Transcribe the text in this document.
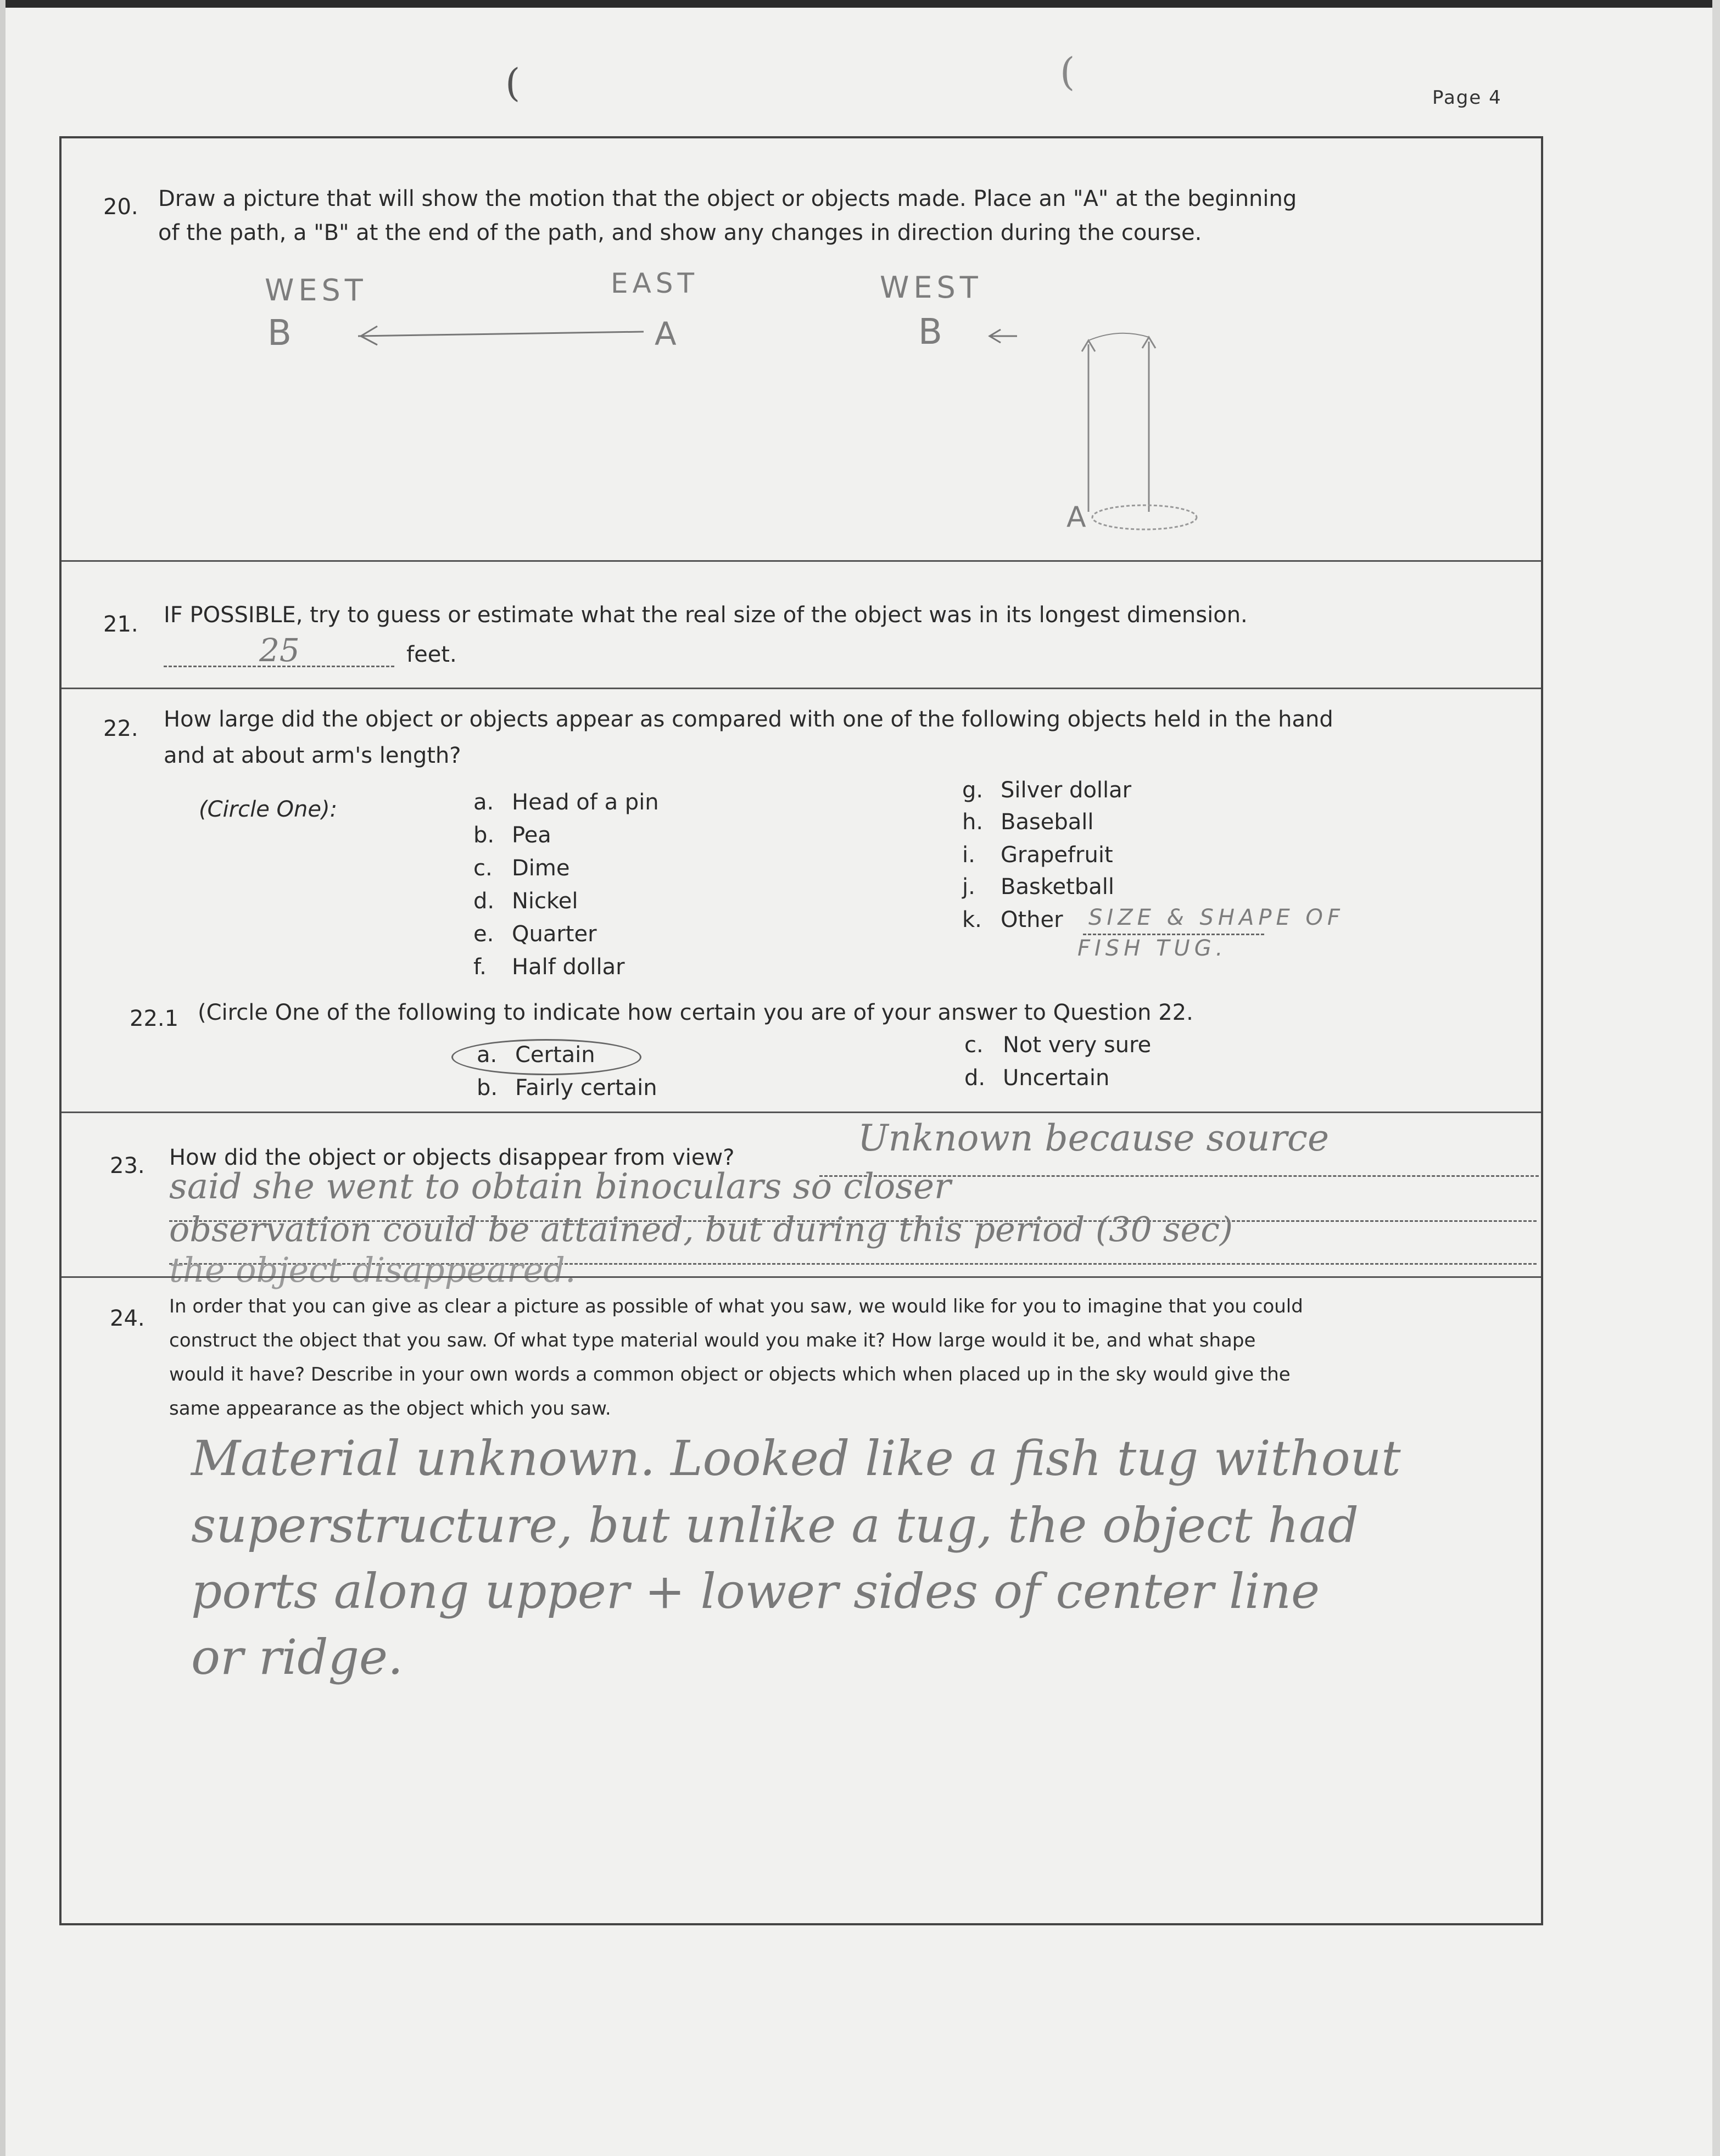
(	(
Page 4
20. Draw a picture that will show the motion that the object or objects made. Place an "A" at the beginning
of the path, a "B" at the end of the path, and show any changes in direction during the course.
WEST	EAST	WEST
B	A	B
A
21. IF POSSIBLE, try to guess or estimate what the real size of the object was in its longest dimension.
25	feet.
22. How large did the object or objects appear as compared with one of the following objects held in the hand
and at about arm's length?
(Circle One):	a. Head of a pin
b. Pea
c. Dime
d. Nickel
e. Quarter
f. Half dollar
g. Silver dollar
h. Baseball
i. Grapefruit
j. Basketball
k. Other SIZE & SHAPE OF
FISH TUG.
22.1 (Circle One of the following to indicate how certain you are of your answer to Question 22.
a. Certain
b. Fairly certain
c. Not very sure
d. Uncertain
23. How did the object or objects disappear from view?	Unknown because source
said she went to obtain binoculars so closer
observation could be attained, but during this period (30 sec)
the object disappeared.
24. In order that you can give as clear a picture as possible of what you saw, we would like for you to imagine that you could
construct the object that you saw. Of what type material would you make it? How large would it be, and what shape
would it have? Describe in your own words a common object or objects which when placed up in the sky would give the
same appearance as the object which you saw.
Material unknown. Looked like a fish tug without
superstructure, but unlike a tug, the object had
ports along upper + lower sides of center line
or ridge.
